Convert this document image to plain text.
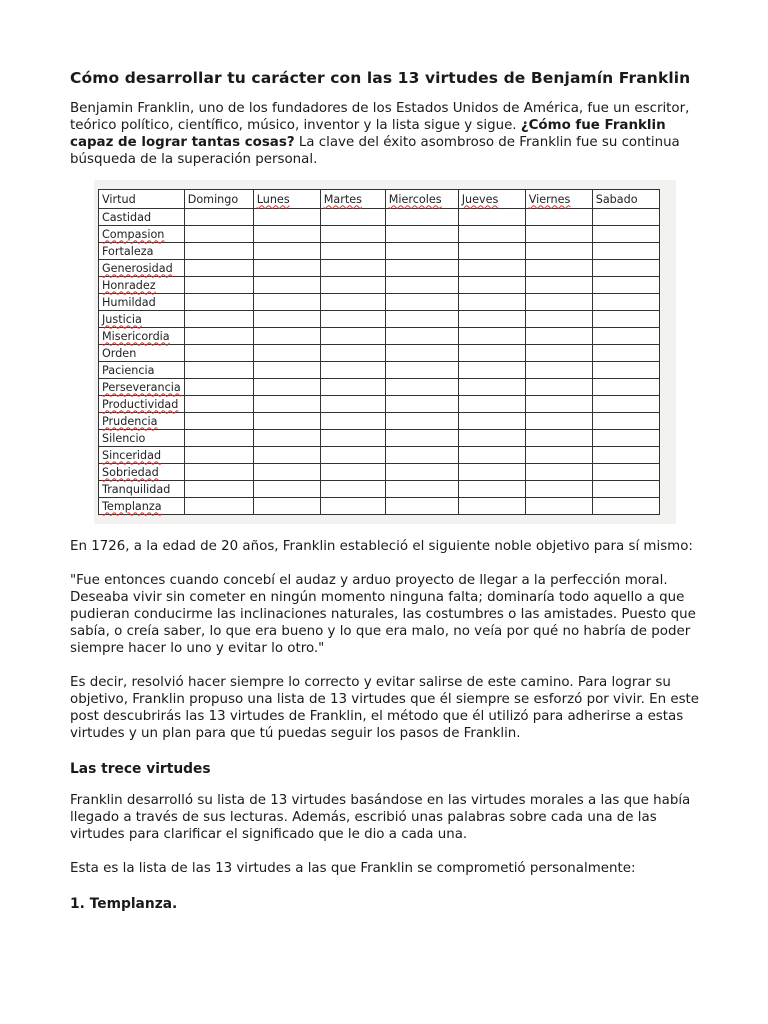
Cómo desarrollar tu carácter con las 13 virtudes de Benjamín Franklin

Benjamin Franklin, uno de los fundadores de los Estados Unidos de América, fue un escritor, teórico político, científico, músico, inventor y la lista sigue y sigue. ¿Cómo fue Franklin capaz de lograr tantas cosas? La clave del éxito asombroso de Franklin fue su continua búsqueda de la superación personal.

Virtud	Domingo	Lunes	Martes	Miercoles	Jueves	Viernes	Sabado
Castidad							
Compasion							
Fortaleza							
Generosidad							
Honradez							
Humildad							
Justicia							
Misericordia							
Orden							
Paciencia							
Perseverancia							
Productividad							
Prudencia							
Silencio							
Sinceridad							
Sobriedad							
Tranquilidad							
Templanza							

En 1726, a la edad de 20 años, Franklin estableció el siguiente noble objetivo para sí mismo:

"Fue entonces cuando concebí el audaz y arduo proyecto de llegar a la perfección moral. Deseaba vivir sin cometer en ningún momento ninguna falta; dominaría todo aquello a que pudieran conducirme las inclinaciones naturales, las costumbres o las amistades. Puesto que sabía, o creía saber, lo que era bueno y lo que era malo, no veía por qué no habría de poder siempre hacer lo uno y evitar lo otro."

Es decir, resolvió hacer siempre lo correcto y evitar salirse de este camino. Para lograr su objetivo, Franklin propuso una lista de 13 virtudes que él siempre se esforzó por vivir. En este post descubrirás las 13 virtudes de Franklin, el método que él utilizó para adherirse a estas virtudes y un plan para que tú puedas seguir los pasos de Franklin.

Las trece virtudes

Franklin desarrolló su lista de 13 virtudes basándose en las virtudes morales a las que había llegado a través de sus lecturas. Además, escribió unas palabras sobre cada una de las virtudes para clarificar el significado que le dio a cada una.

Esta es la lista de las 13 virtudes a las que Franklin se comprometió personalmente:

1. Templanza.
